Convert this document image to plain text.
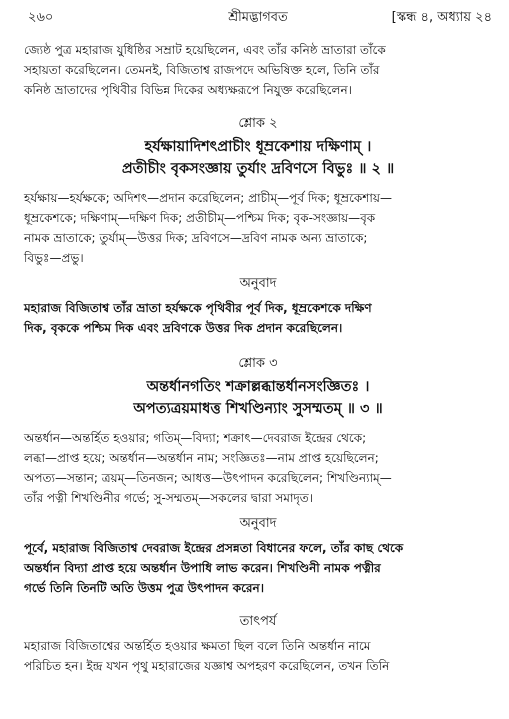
২৬০	শ্রীমদ্ভাগবত	[স্কন্ধ ৪, অধ্যায় ২৪

জ্যেষ্ঠ পুত্র মহারাজ যুধিষ্ঠির সম্রাট হয়েছিলেন, এবং তাঁর কনিষ্ঠ ভ্রাতারা তাঁকে
সহায়তা করেছিলেন। তেমনই, বিজিতাশ্ব রাজপদে অভিষিক্ত হলে, তিনি তাঁর
কনিষ্ঠ ভ্রাতাদের পৃথিবীর বিভিন্ন দিকের অধ্যক্ষরূপে নিযুক্ত করেছিলেন।

শ্লোক ২

হর্যক্ষায়াদিশৎপ্রাচীং ধূম্রকেশায় দক্ষিণাম্ ।
প্রতীচীং বৃকসংজ্ঞায় তুর্যাং দ্রবিণসে বিভুঃ ॥ ২ ॥

হর্যক্ষায়—হর্যক্ষকে; অদিশৎ—প্রদান করেছিলেন; প্রাচীম্—পূর্ব দিক; ধূম্রকেশায়—
ধূম্রকেশকে; দক্ষিণাম্—দক্ষিণ দিক; প্রতীচীম্—পশ্চিম দিক; বৃক-সংজ্ঞায়—বৃক
নামক ভ্রাতাকে; তুর্যাম্—উত্তর দিক; দ্রবিণসে—দ্রবিণ নামক অন্য ভ্রাতাকে;
বিভুঃ—প্রভু।

অনুবাদ

মহারাজ বিজিতাশ্ব তাঁর ভ্রাতা হর্যক্ষকে পৃথিবীর পূর্ব দিক, ধূম্রকেশকে দক্ষিণ
দিক, বৃককে পশ্চিম দিক এবং দ্রবিণকে উত্তর দিক প্রদান করেছিলেন।

শ্লোক ৩

অন্তর্ধানগতিং শক্রাল্লব্ধান্তর্ধানসংজ্ঞিতঃ ।
অপত্যত্রয়মাধত্ত শিখণ্ডিন্যাং সুসম্মতম্ ॥ ৩ ॥

অন্তর্ধান—অন্তর্হিত হওয়ার; গতিম্—বিদ্যা; শক্রাৎ—দেবরাজ ইন্দ্রের থেকে;
লব্ধা—প্রাপ্ত হয়ে; অন্তর্ধান—অন্তর্ধান নাম; সংজ্ঞিতঃ—নাম প্রাপ্ত হয়েছিলেন;
অপত্য—সন্তান; ত্রয়ম্—তিনজন; আধত্ত—উৎপাদন করেছিলেন; শিখণ্ডিন্যাম্—
তাঁর পত্নী শিখণ্ডিনীর গর্ভে; সু-সম্মতম্—সকলের দ্বারা সমাদৃত।

অনুবাদ

পূর্বে, মহারাজ বিজিতাশ্ব দেবরাজ ইন্দ্রের প্রসন্নতা বিধানের ফলে, তাঁর কাছ থেকে
অন্তর্ধান বিদ্যা প্রাপ্ত হয়ে অন্তর্ধান উপাধি লাভ করেন। শিখণ্ডিনী নামক পত্নীর
গর্ভে তিনি তিনটি অতি উত্তম পুত্র উৎপাদন করেন।

তাৎপর্য

মহারাজ বিজিতাশ্বের অন্তর্হিত হওয়ার ক্ষমতা ছিল বলে তিনি অন্তর্ধান নামে
পরিচিত হন। ইন্দ্র যখন পৃথু মহারাজের যজ্ঞাশ্ব অপহরণ করেছিলেন, তখন তিনি
